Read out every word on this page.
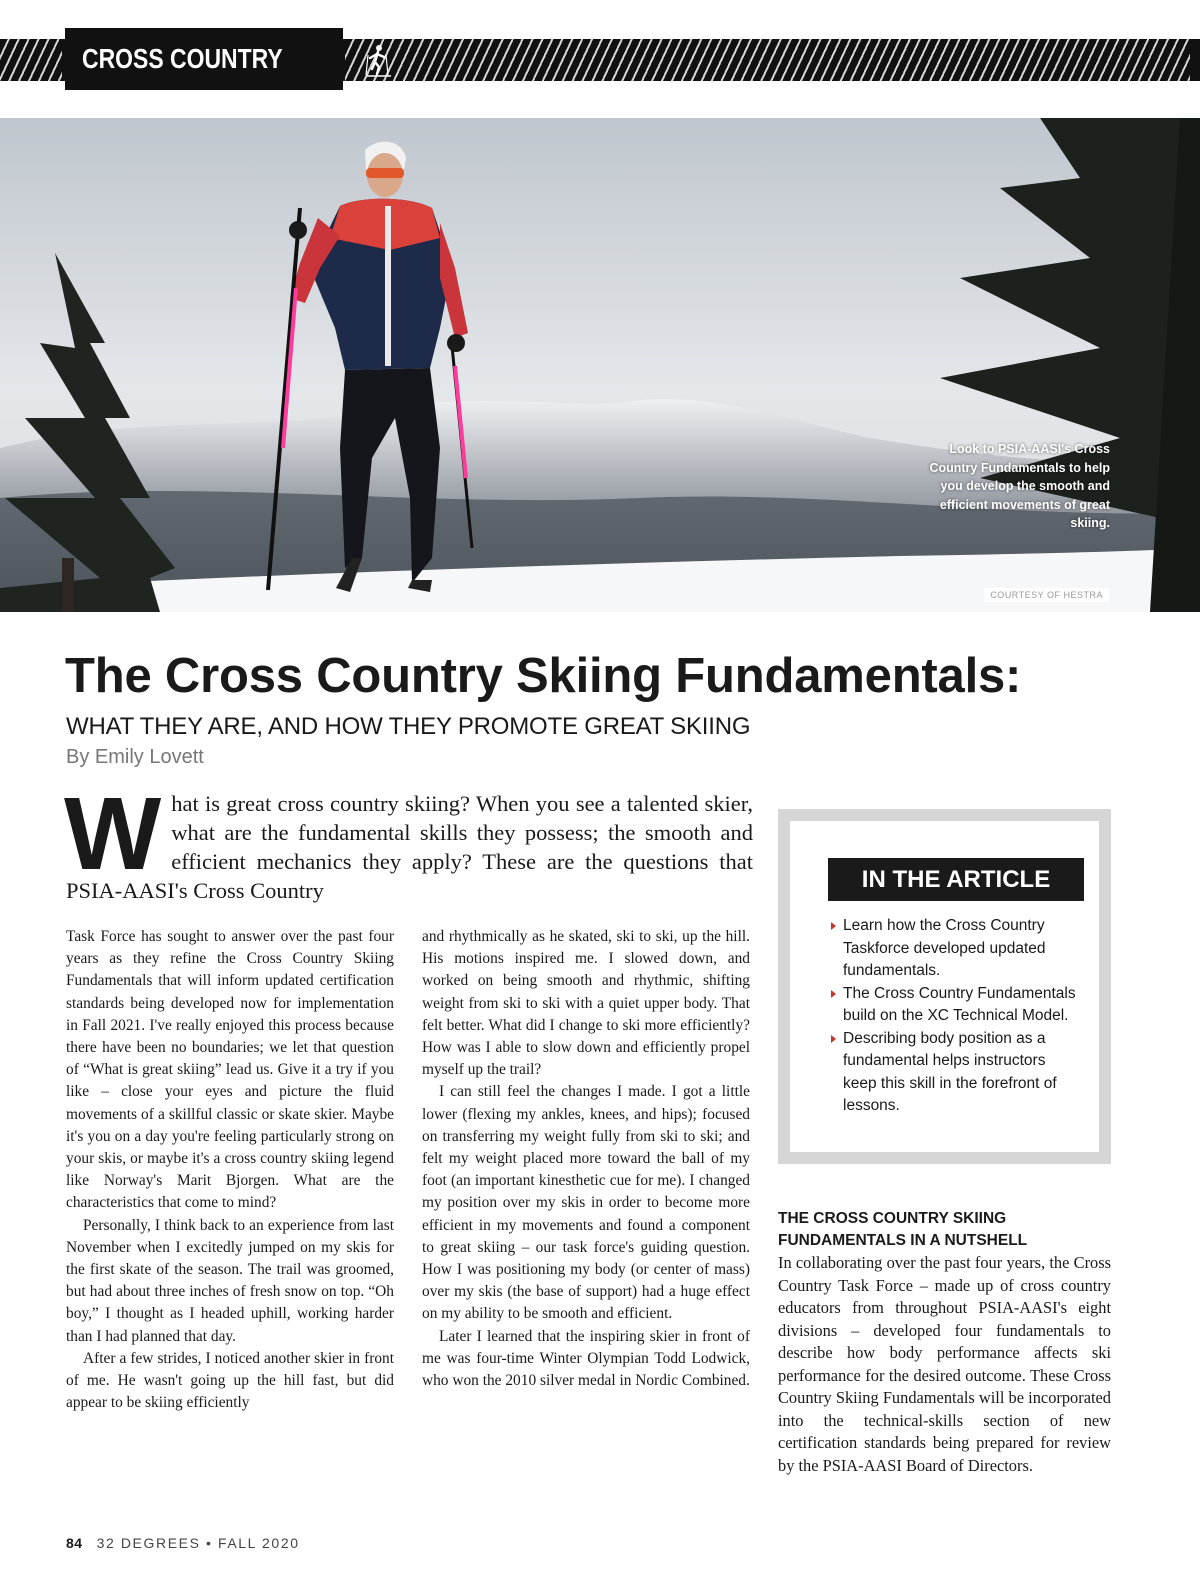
CROSS COUNTRY
Look to PSIA-AASI's Cross Country Fundamentals to help you develop the smooth and efficient movements of great skiing.
COURTESY OF HESTRA
The Cross Country Skiing Fundamentals:
WHAT THEY ARE, AND HOW THEY PROMOTE GREAT SKIING
By Emily Lovett
What is great cross country skiing? When you see a talented skier, what are the fundamental skills they possess; the smooth and efficient mechanics they apply? These are the questions that PSIA-AASI's Cross Country

Task Force has sought to answer over the past four years as they refine the Cross Country Skiing Fundamentals that will inform updated certification standards being developed now for implementation in Fall 2021. I've really enjoyed this process because there have been no boundaries; we let that question of “What is great skiing” lead us. Give it a try if you like – close your eyes and picture the fluid movements of a skillful classic or skate skier. Maybe it's you on a day you're feeling particularly strong on your skis, or maybe it's a cross country skiing legend like Norway's Marit Bjorgen. What are the characteristics that come to mind?

Personally, I think back to an experience from last November when I excitedly jumped on my skis for the first skate of the season. The trail was groomed, but had about three inches of fresh snow on top. “Oh boy,” I thought as I headed uphill, working harder than I had planned that day.

After a few strides, I noticed another skier in front of me. He wasn't going up the hill fast, but did appear to be skiing efficiently

and rhythmically as he skated, ski to ski, up the hill. His motions inspired me. I slowed down, and worked on being smooth and rhythmic, shifting weight from ski to ski with a quiet upper body. That felt better. What did I change to ski more efficiently? How was I able to slow down and efficiently propel myself up the trail?

I can still feel the changes I made. I got a little lower (flexing my ankles, knees, and hips); focused on transferring my weight fully from ski to ski; and felt my weight placed more toward the ball of my foot (an important kinesthetic cue for me). I changed my position over my skis in order to become more efficient in my movements and found a component to great skiing – our task force's guiding question. How I was positioning my body (or center of mass) over my skis (the base of support) had a huge effect on my ability to be smooth and efficient.

Later I learned that the inspiring skier in front of me was four-time Winter Olympian Todd Lodwick, who won the 2010 silver medal in Nordic Combined.

IN THE ARTICLE
Learn how the Cross Country Taskforce developed updated fundamentals.
The Cross Country Fundamentals build on the XC Technical Model.
Describing body position as a fundamental helps instructors keep this skill in the forefront of lessons.
THE CROSS COUNTRY SKIING FUNDAMENTALS IN A NUTSHELL
In collaborating over the past four years, the Cross Country Task Force – made up of cross country educators from throughout PSIA-AASI's eight divisions – developed four fundamentals to describe how body performance affects ski performance for the desired outcome. These Cross Country Skiing Fundamentals will be incorporated into the technical-skills section of new certification standards being prepared for review by the PSIA-AASI Board of Directors.
84 32 DEGREES • FALL 2020
